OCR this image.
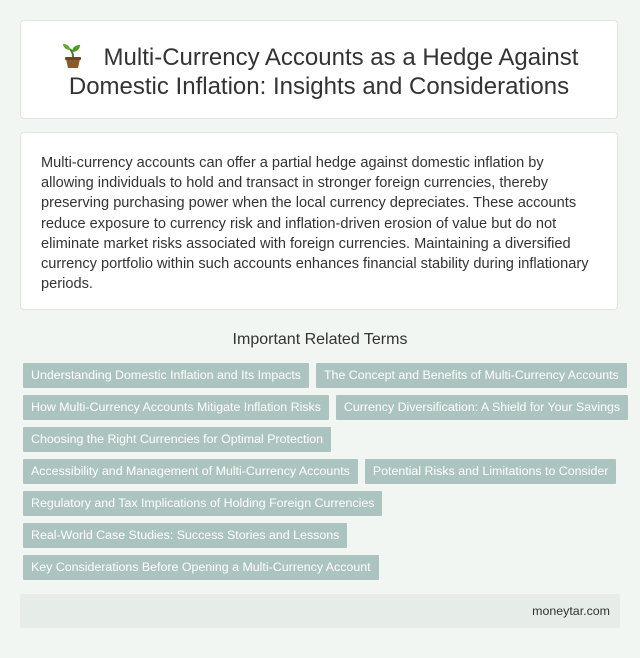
Multi-Currency Accounts as a Hedge Against
Domestic Inflation: Insights and Considerations
Multi-currency accounts can offer a partial hedge against domestic inflation by allowing individuals to hold and transact in stronger foreign currencies, thereby preserving purchasing power when the local currency depreciates. These accounts reduce exposure to currency risk and inflation-driven erosion of value but do not eliminate market risks associated with foreign currencies. Maintaining a diversified currency portfolio within such accounts enhances financial stability during inflationary periods.
Important Related Terms
Understanding Domestic Inflation and Its Impacts	The Concept and Benefits of Multi-Currency Accounts
How Multi-Currency Accounts Mitigate Inflation Risks	Currency Diversification: A Shield for Your Savings
Choosing the Right Currencies for Optimal Protection
Accessibility and Management of Multi-Currency Accounts	Potential Risks and Limitations to Consider
Regulatory and Tax Implications of Holding Foreign Currencies
Real-World Case Studies: Success Stories and Lessons
Key Considerations Before Opening a Multi-Currency Account
moneytar.com
